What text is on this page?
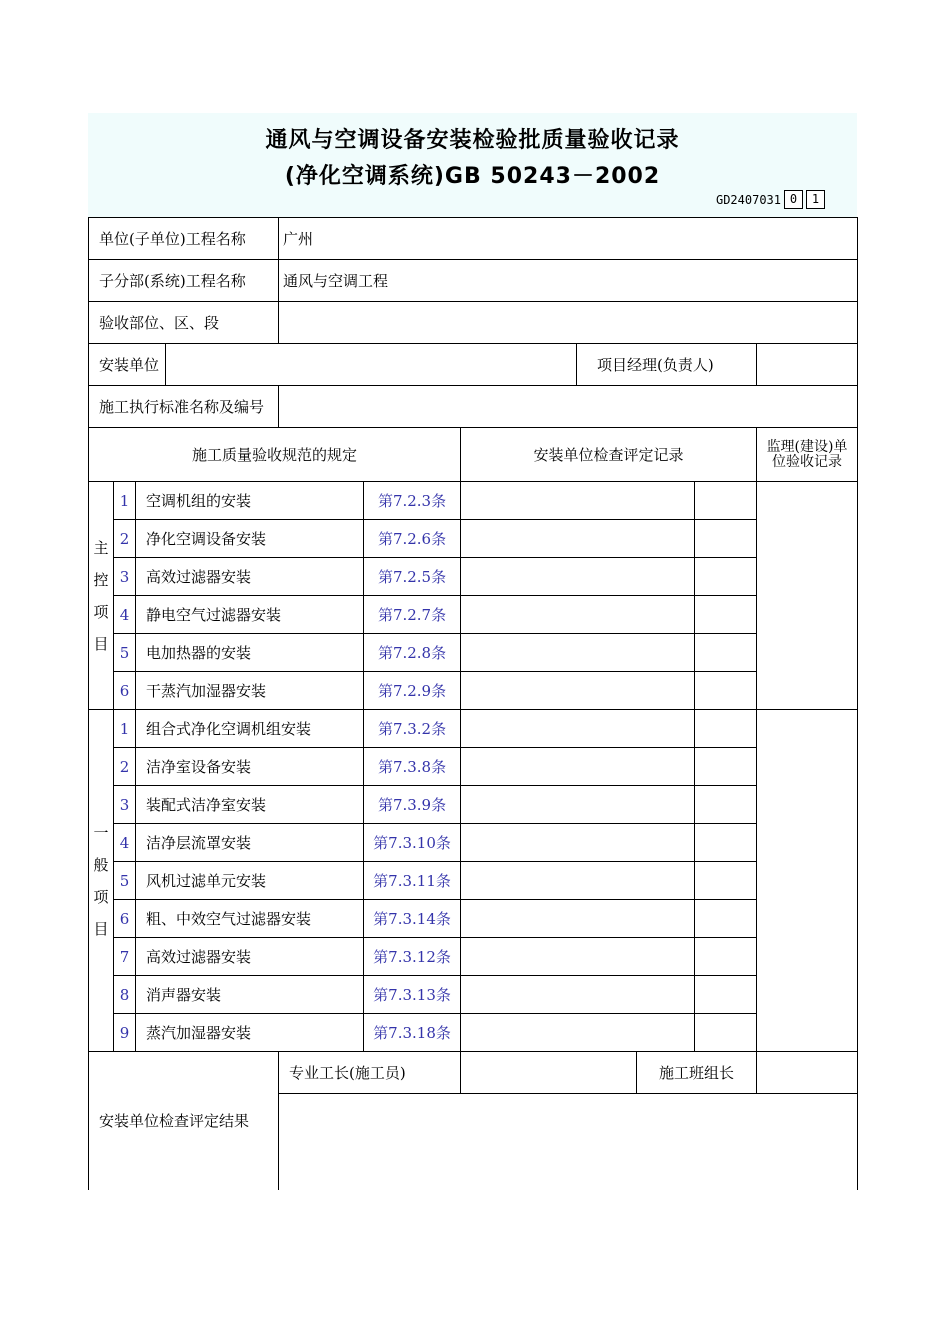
通风与空调设备安装检验批质量验收记录
(净化空调系统)GB 50243－2002
GD2407031 0	1
单位(子单位)工程名称				广州						
子分部(系统)工程名称				通风与空调工程						
验收部位、区、段										
安装单位							项目经理(负责人)			
施工执行标准名称及编号										
施工质量验收规范的规定						安装单位检查评定记录				监理(建设)单位验收记录

主
控
项
目	1	空调机组的安装			第7.2.3条					
	2	净化空调设备安装			第7.2.6条					
	3	高效过滤器安装			第7.2.5条					
	4	静电空气过滤器安装			第7.2.7条					
	5	电加热器的安装			第7.2.8条					
	6	干蒸汽加湿器安装			第7.2.9条					

一
般
项
目	1	组合式净化空调机组安装			第7.3.2条					
	2	洁净室设备安装			第7.3.8条					
	3	装配式洁净室安装			第7.3.9条					
	4	洁净层流罩安装			第7.3.10条					
	5	风机过滤单元安装			第7.3.11条					
	6	粗、中效空气过滤器安装			第7.3.14条					
	7	高效过滤器安装			第7.3.12条					
	8	消声器安装			第7.3.13条					
	9	蒸汽加湿器安装			第7.3.18条					
安装单位检查评定结果				专业工长(施工员)				施工班组长		
